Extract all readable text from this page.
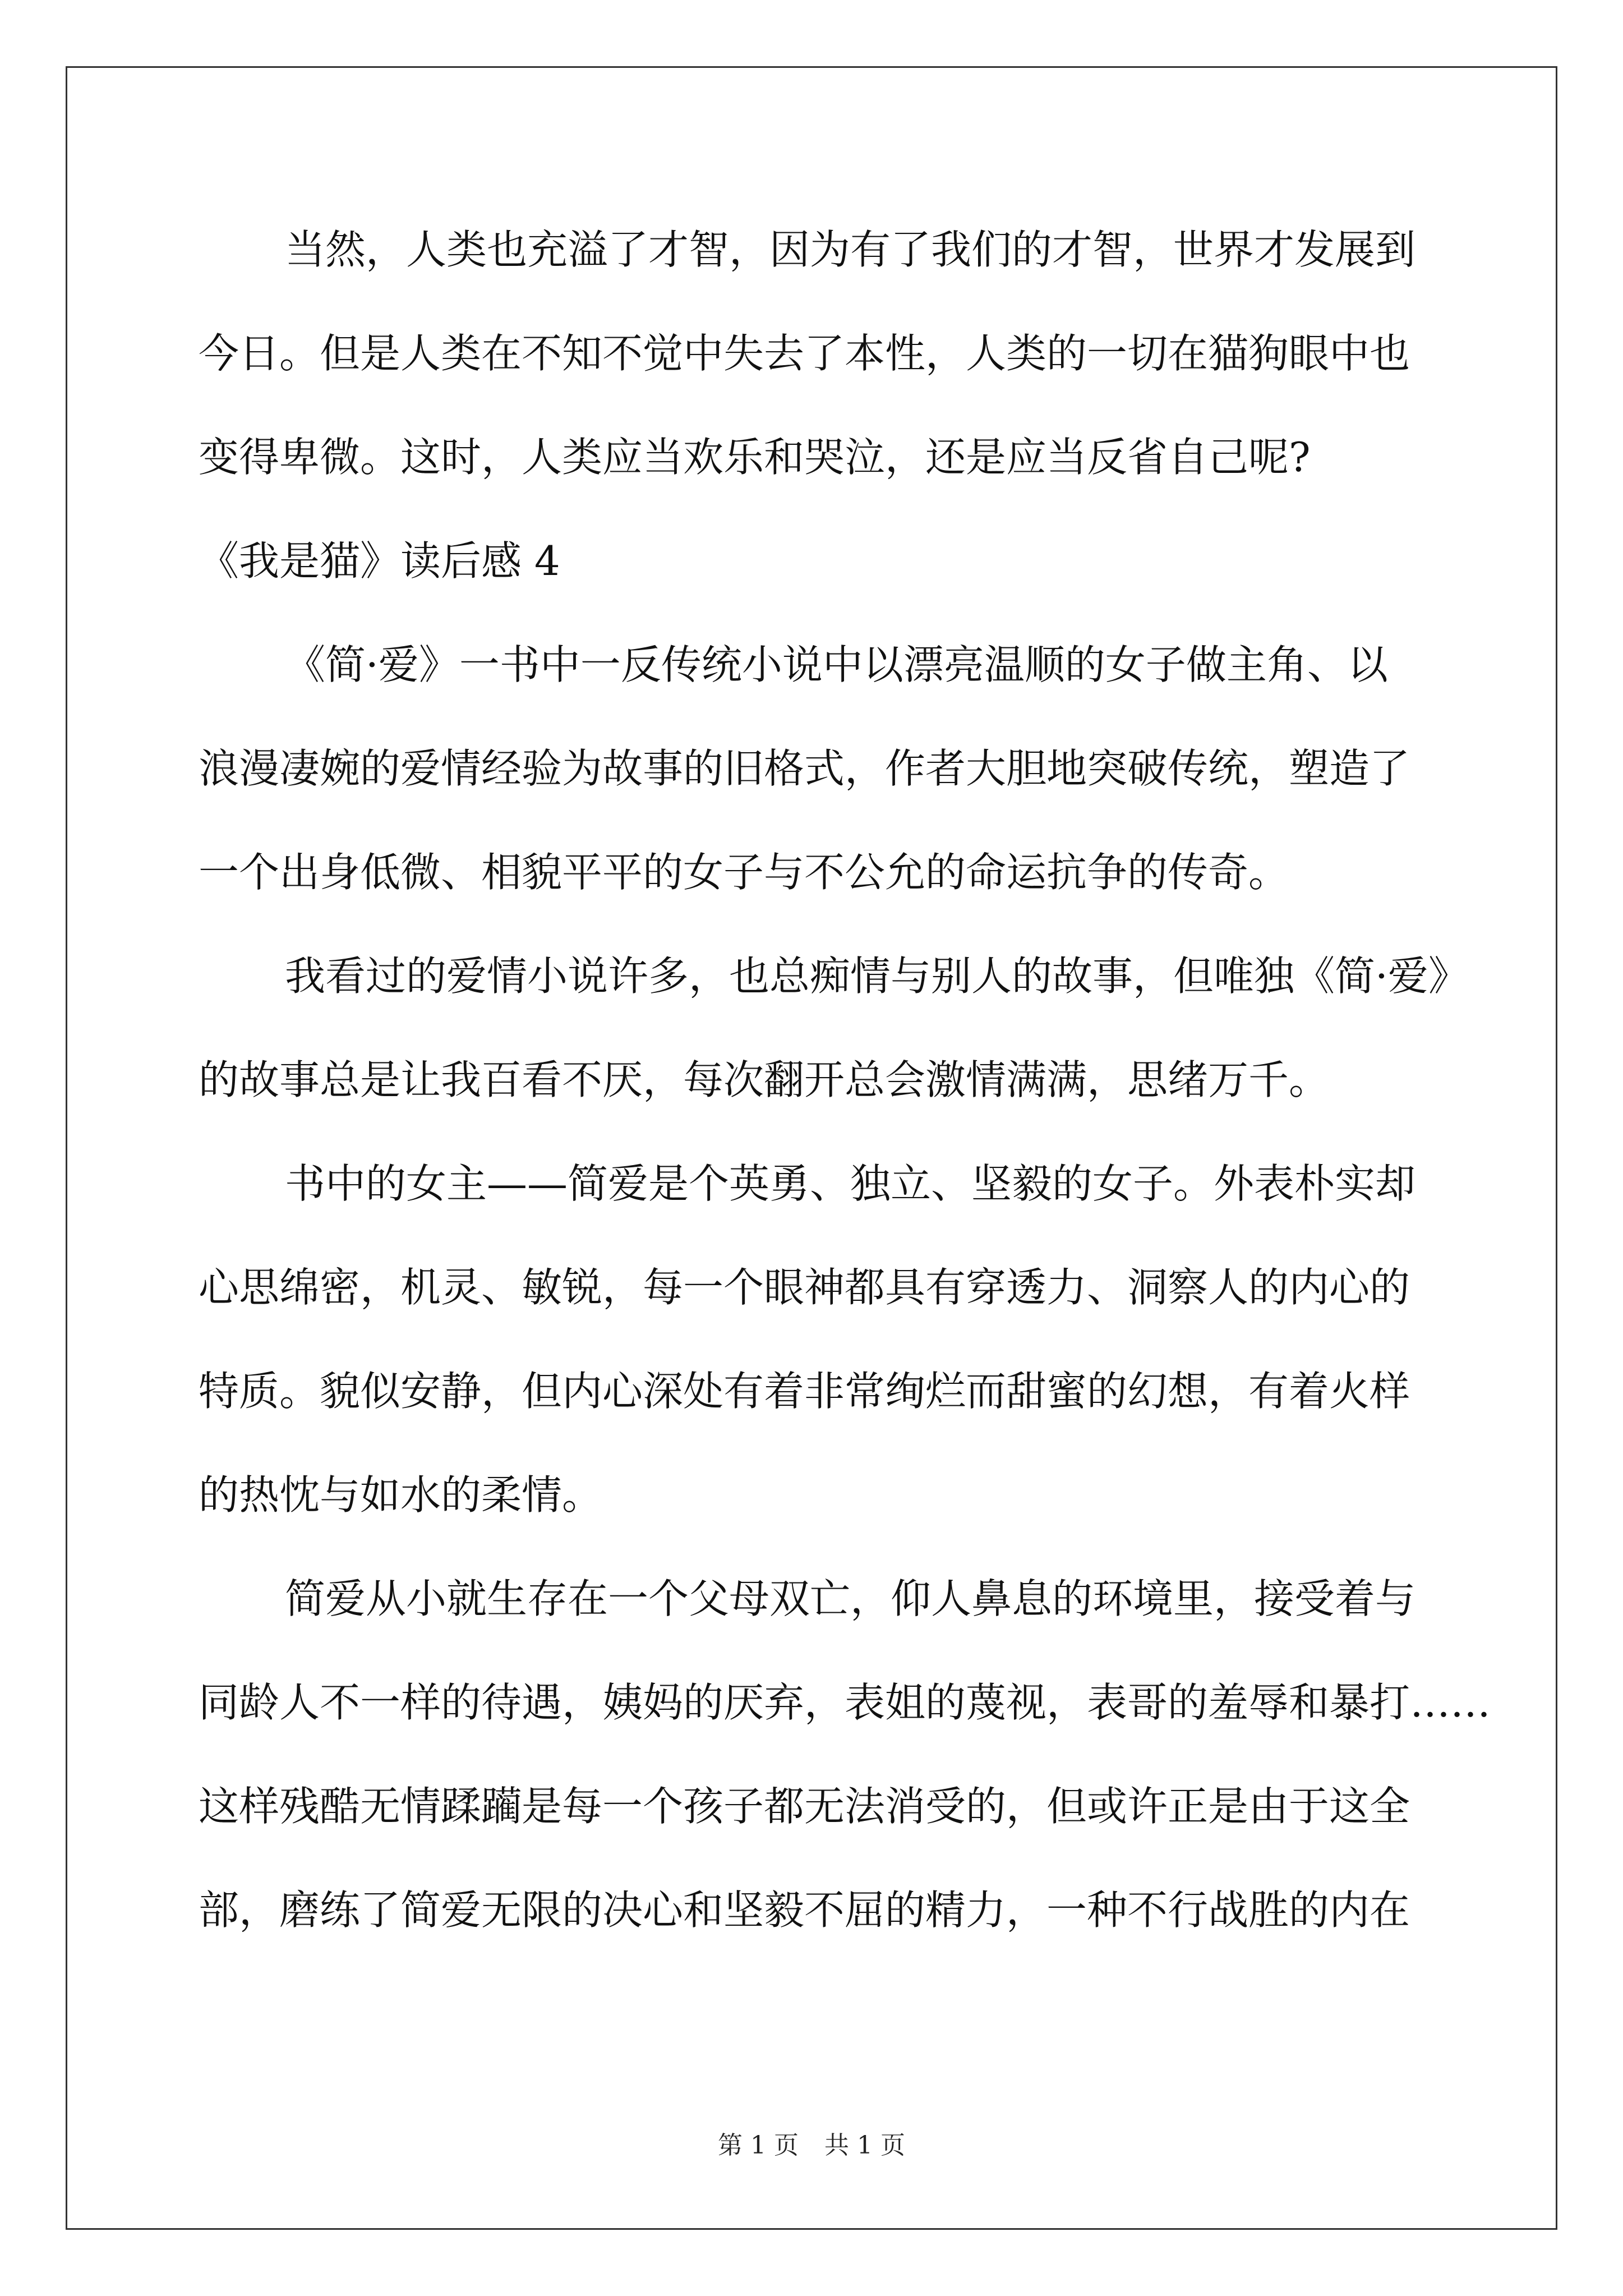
当然，人类也充溢了才智，因为有了我们的才智，世界才发展到
今日。但是人类在不知不觉中失去了本性，人类的一切在猫狗眼中也
变得卑微。这时，人类应当欢乐和哭泣，还是应当反省自己呢?
《我是猫》读后感 4
《简·爱》一书中一反传统小说中以漂亮温顺的女子做主角、以
浪漫凄婉的爱情经验为故事的旧格式，作者大胆地突破传统，塑造了
一个出身低微、相貌平平的女子与不公允的命运抗争的传奇。
我看过的爱情小说许多，也总痴情与别人的故事，但唯独《简·爱》
的故事总是让我百看不厌，每次翻开总会激情满满，思绪万千。
书中的女主——简爱是个英勇、独立、坚毅的女子。外表朴实却
心思绵密，机灵、敏锐，每一个眼神都具有穿透力、洞察人的内心的
特质。貌似安静，但内心深处有着非常绚烂而甜蜜的幻想，有着火样
的热忱与如水的柔情。
简爱从小就生存在一个父母双亡，仰人鼻息的环境里，接受着与
同龄人不一样的待遇，姨妈的厌弃，表姐的蔑视，表哥的羞辱和暴打……
这样残酷无情蹂躏是每一个孩子都无法消受的，但或许正是由于这全
部，磨练了简爱无限的决心和坚毅不屈的精力，一种不行战胜的内在
第 1 页 共 1 页
